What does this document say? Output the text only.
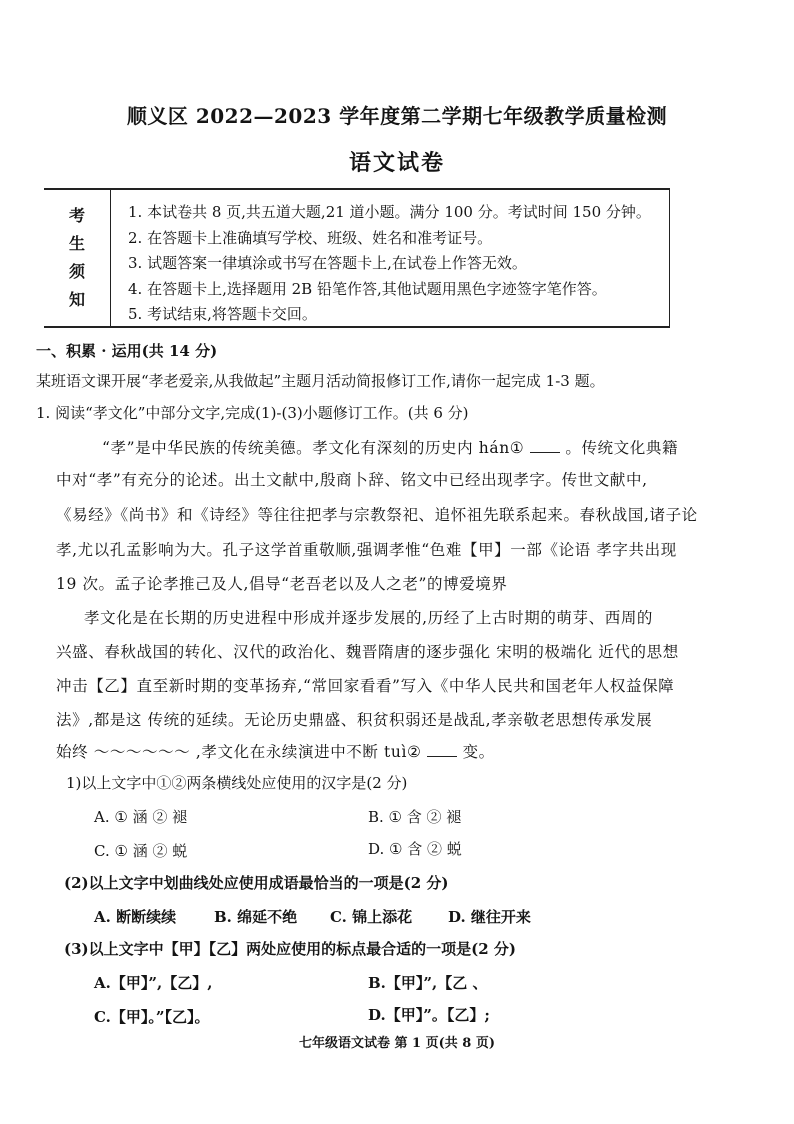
顺义区 2022—2023 学年度第二学期七年级教学质量检测
语文试卷
考
生
须
知
1. 本试卷共 8 页,共五道大题,21 道小题。满分 100 分。考试时间 150 分钟。
2. 在答题卡上准确填写学校、班级、姓名和准考证号。
3. 试题答案一律填涂或书写在答题卡上,在试卷上作答无效。
4. 在答题卡上,选择题用 2B 铅笔作答,其他试题用黑色字迹签字笔作答。
5. 考试结束,将答题卡交回。
一、积累 · 运用(共 14 分)
某班语文课开展“孝老爱亲,从我做起”主题月活动简报修订工作,请你一起完成 1-3 题。
1. 阅读“孝文化”中部分文字,完成(1)-(3)小题修订工作。(共 6 分)
“孝”是中华民族的传统美德。孝文化有深刻的历史内 hán①	。传统文化典籍
中对“孝”有充分的论述。出土文献中,殷商卜辞、铭文中已经出现孝字。传世文献中,
《易经》《尚书》和《诗经》等往往把孝与宗教祭祀、追怀祖先联系起来。春秋战国,诸子论
孝,尤以孔孟影响为大。孔子这学首重敬顺,强调孝惟“色难【甲】一部《论语 孝字共出现
19 次。孟子论孝推己及人,倡导“老吾老以及人之老”的博爱境界
孝文化是在长期的历史进程中形成并逐步发展的,历经了上古时期的萌芽、西周的
兴盛、春秋战国的转化、汉代的政治化、魏晋隋唐的逐步强化 宋明的极端化 近代的思想
冲击【乙】直至新时期的变革扬弃,“常回家看看”写入《中华人民共和国老年人权益保障
法》,都是这 传统的延续。无论历史鼎盛、积贫积弱还是战乱,孝亲敬老思想传承发展
始终 ～～～～～～ ,孝文化在永续演进中不断 tuì②	变。
1)以上文字中①②两条横线处应使用的汉字是(2 分)
A. ① 涵 ② 褪	B. ① 含 ② 褪
C. ① 涵 ② 蜕	D. ① 含 ② 蜕
(2)以上文字中划曲线处应使用成语最恰当的一项是(2 分)
A. 断断续续	B. 绵延不绝 C. 锦上添花 D. 继往开来
(3)以上文字中【甲】【乙】两处应使用的标点最合适的一项是(2 分)
A.【甲】”,【乙】,	B.【甲】”,【乙 、
C.【甲】。”【乙】。	D.【甲】”。【乙】;
七年级语文试卷 第 1 页(共 8 页)
